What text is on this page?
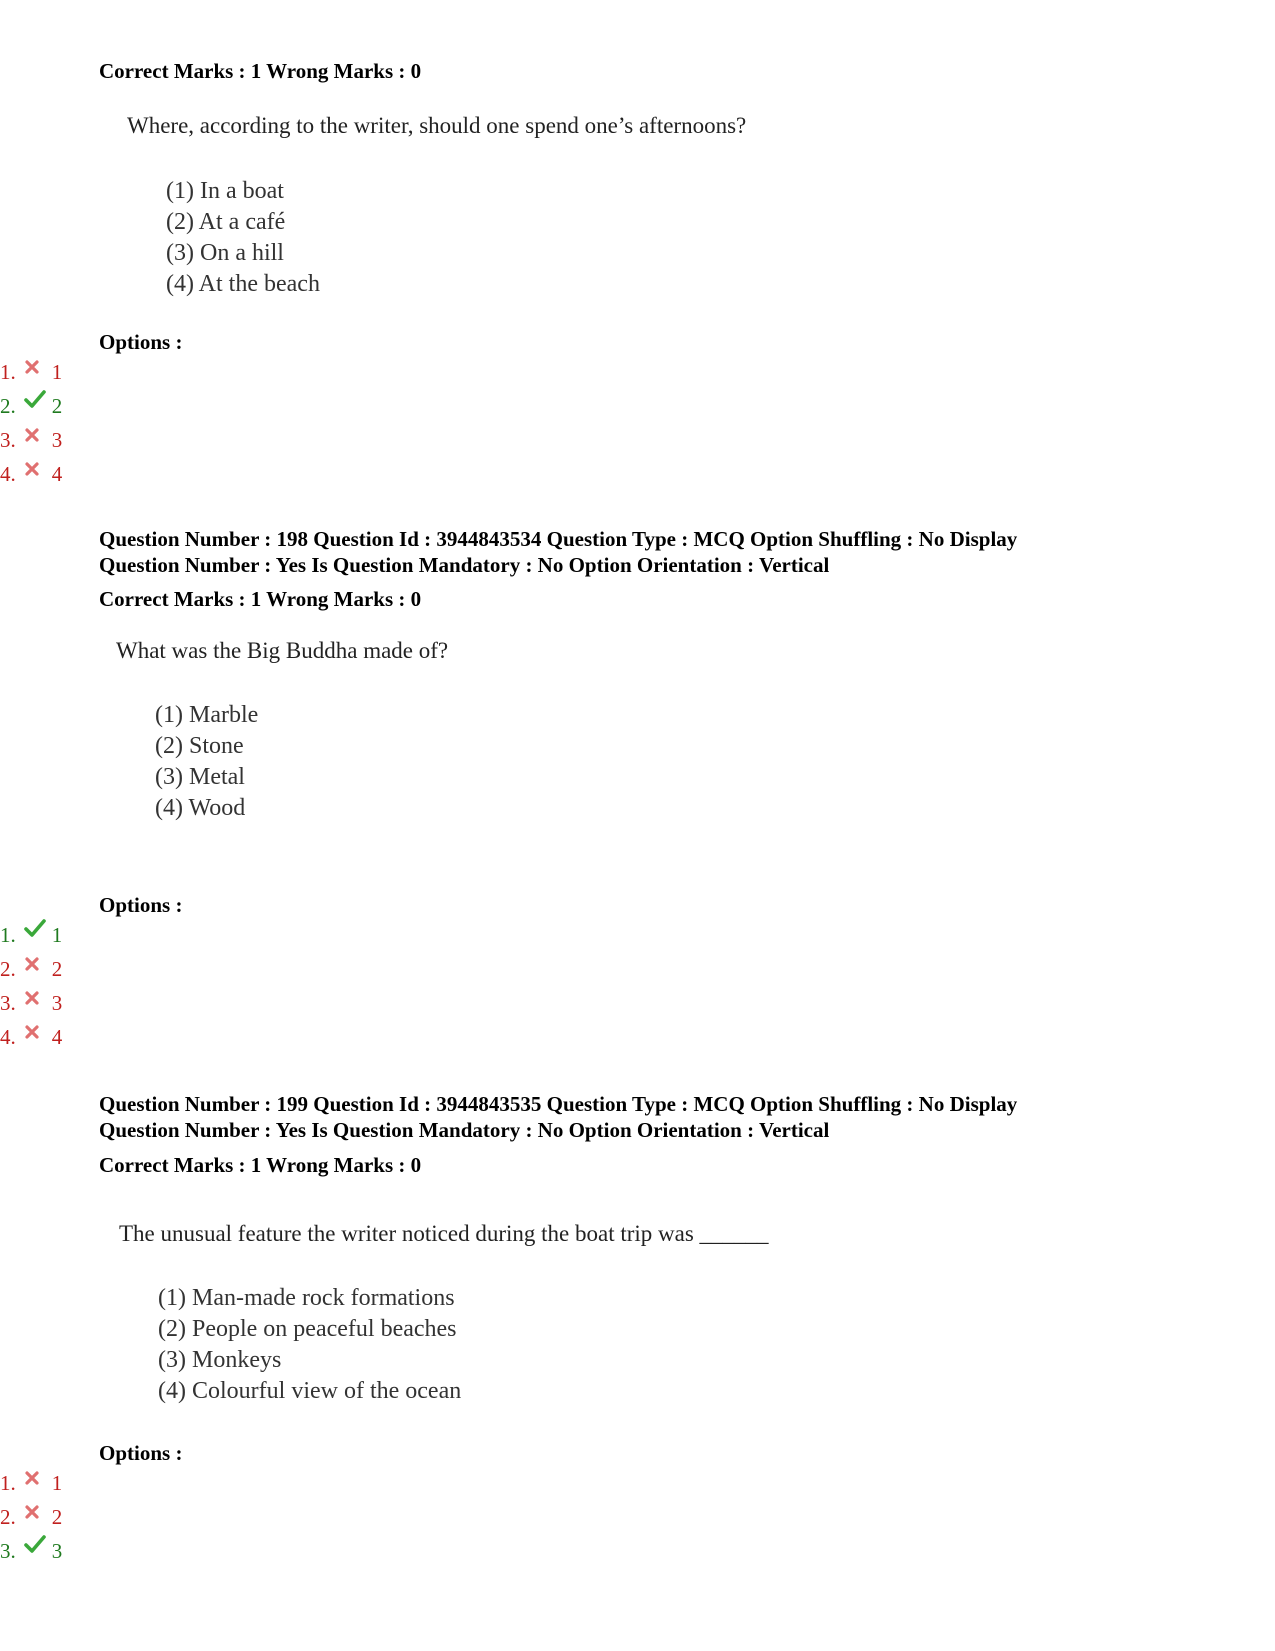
Correct Marks : 1 Wrong Marks : 0
Where, according to the writer, should one spend one’s afternoons?
(1) In a boat
(2) At a café
(3) On a hill
(4) At the beach
Options :
1. 1
2. 2
3. 3
4. 4
Question Number : 198 Question Id : 3944843534 Question Type : MCQ Option Shuffling : No Display
Question Number : Yes Is Question Mandatory : No Option Orientation : Vertical
Correct Marks : 1 Wrong Marks : 0
What was the Big Buddha made of?
(1) Marble
(2) Stone
(3) Metal
(4) Wood
Options :
1. 1
2. 2
3. 3
4. 4
Question Number : 199 Question Id : 3944843535 Question Type : MCQ Option Shuffling : No Display
Question Number : Yes Is Question Mandatory : No Option Orientation : Vertical
Correct Marks : 1 Wrong Marks : 0
The unusual feature the writer noticed during the boat trip was ______
(1) Man-made rock formations
(2) People on peaceful beaches
(3) Monkeys
(4) Colourful view of the ocean
Options :
1. 1
2. 2
3. 3
